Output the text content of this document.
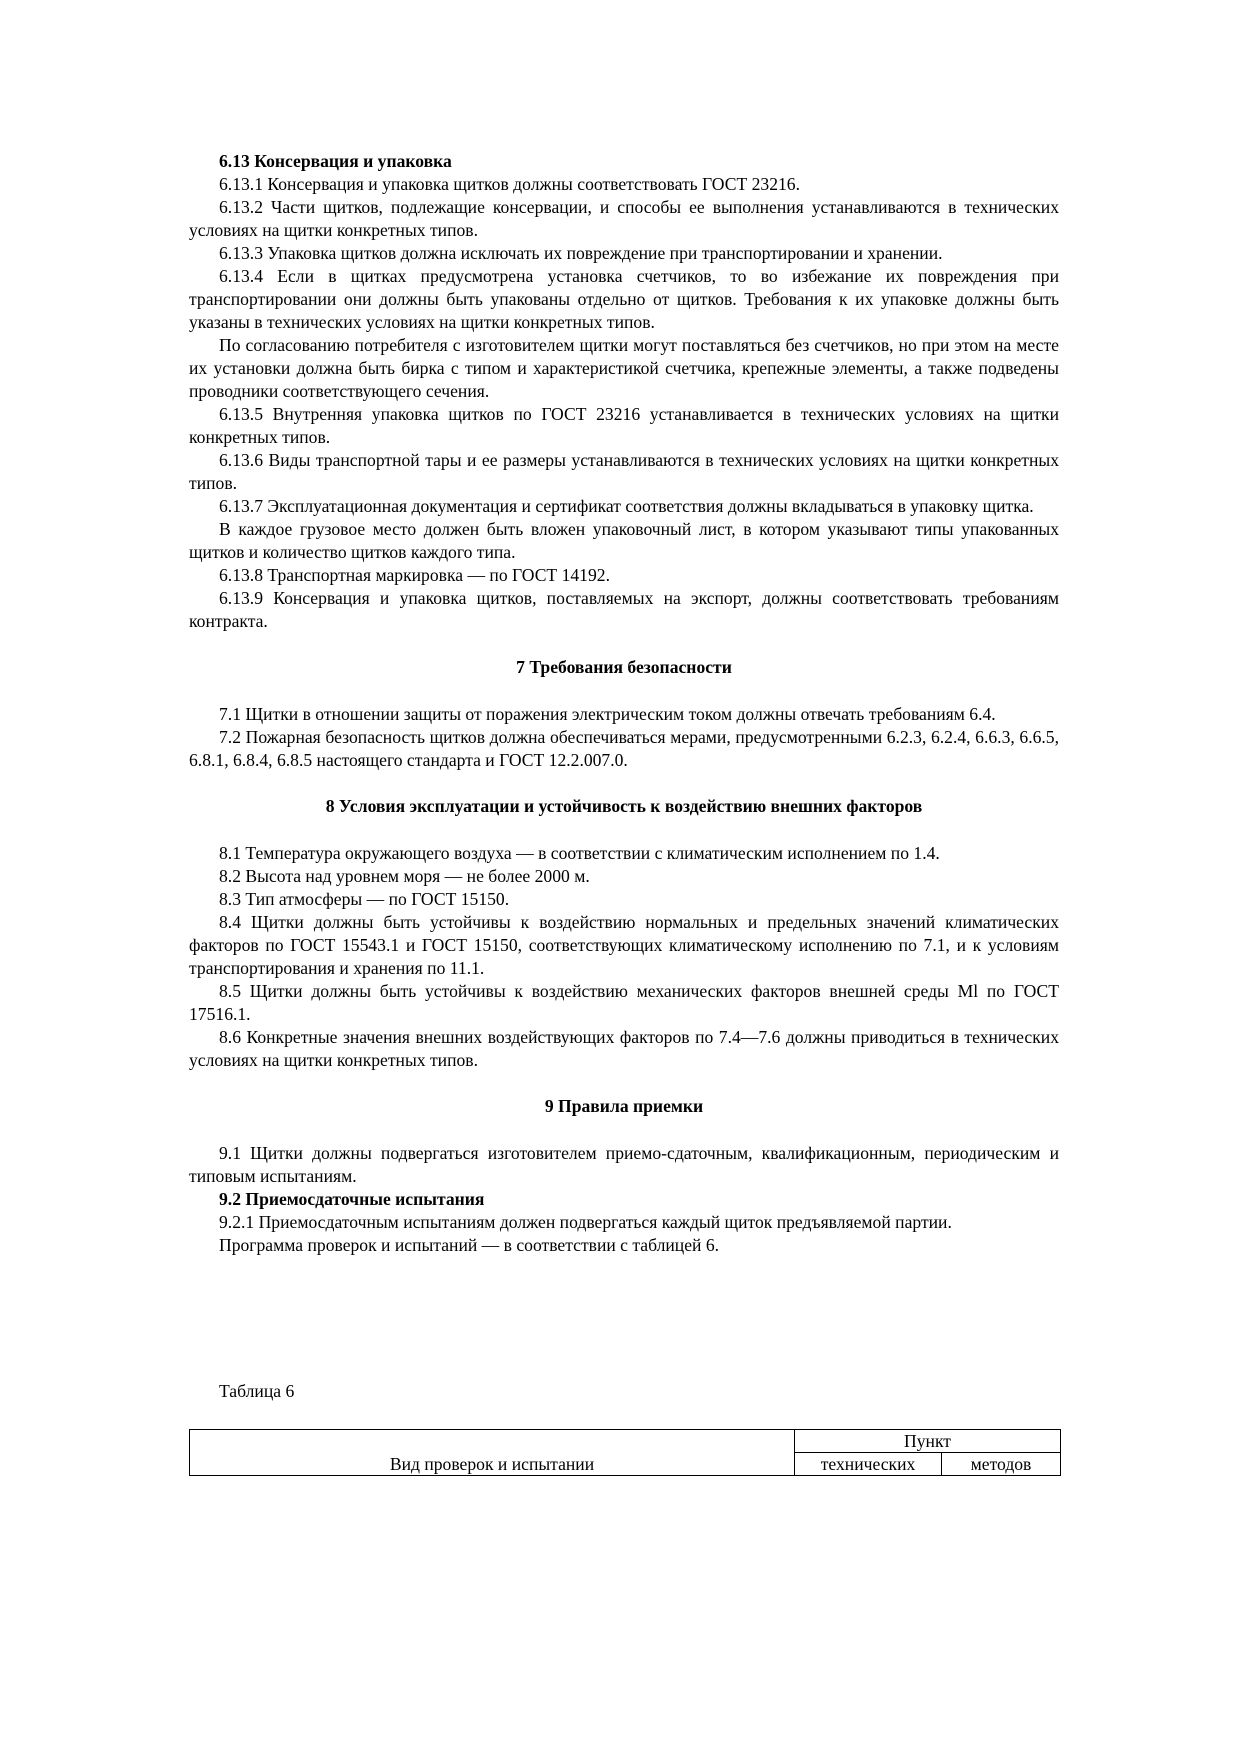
6.13 Консервация и упаковка

6.13.1 Консервация и упаковка щитков должны соответствовать ГОСТ 23216.

6.13.2 Части щитков, подлежащие консервации, и способы ее выполнения устанавливаются в технических условиях на щитки конкретных типов.

6.13.3 Упаковка щитков должна исключать их повреждение при транспортировании и хранении.

6.13.4 Если в щитках предусмотрена установка счетчиков, то во избежание их повреждения при транспортировании они должны быть упакованы отдельно от щитков. Требования к их упаковке должны быть указаны в технических условиях на щитки конкретных типов.

По согласованию потребителя с изготовителем щитки могут поставляться без счетчиков, но при этом на месте их установки должна быть бирка с типом и характеристикой счетчика, крепежные элементы, а также подведены проводники соответствующего сечения.

6.13.5 Внутренняя упаковка щитков по ГОСТ 23216 устанавливается в технических условиях на щитки конкретных типов.

6.13.6 Виды транспортной тары и ее размеры устанавливаются в технических условиях на щитки конкретных типов.

6.13.7 Эксплуатационная документация и сертификат соответствия должны вкладываться в упаковку щитка.

В каждое грузовое место должен быть вложен упаковочный лист, в котором указывают типы упакованных щитков и количество щитков каждого типа.

6.13.8 Транспортная маркировка — по ГОСТ 14192.

6.13.9 Консервация и упаковка щитков, поставляемых на экспорт, должны соответствовать требованиям контракта.

7 Требования безопасности

7.1 Щитки в отношении защиты от поражения электрическим током должны отвечать требованиям 6.4.

7.2 Пожарная безопасность щитков должна обеспечиваться мерами, предусмотренными 6.2.3, 6.2.4, 6.6.3, 6.6.5, 6.8.1, 6.8.4, 6.8.5 настоящего стандарта и ГОСТ 12.2.007.0.

8 Условия эксплуатации и устойчивость к воздействию внешних факторов

8.1 Температура окружающего воздуха — в соответствии с климатическим исполнением по 1.4.

8.2 Высота над уровнем моря — не более 2000 м.

8.3 Тип атмосферы — по ГОСТ 15150.

8.4 Щитки должны быть устойчивы к воздействию нормальных и предельных значений климатических факторов по ГОСТ 15543.1 и ГОСТ 15150, соответствующих климатическому исполнению по 7.1, и к условиям транспортирования и хранения по 11.1.

8.5 Щитки должны быть устойчивы к воздействию механических факторов внешней среды Ml по ГОСТ 17516.1.

8.6 Конкретные значения внешних воздействующих факторов по 7.4—7.6 должны приводиться в технических условиях на щитки конкретных типов.

9 Правила приемки

9.1 Щитки должны подвергаться изготовителем приемо-сдаточным, квалификационным, периодическим и типовым испытаниям.

9.2 Приемосдаточные испытания

9.2.1 Приемосдаточным испытаниям должен подвергаться каждый щиток предъявляемой партии.

Программа проверок и испытаний — в соответствии с таблицей 6.

Таблица 6

Вид проверок и испытании	Пункт	
	технических	методов
